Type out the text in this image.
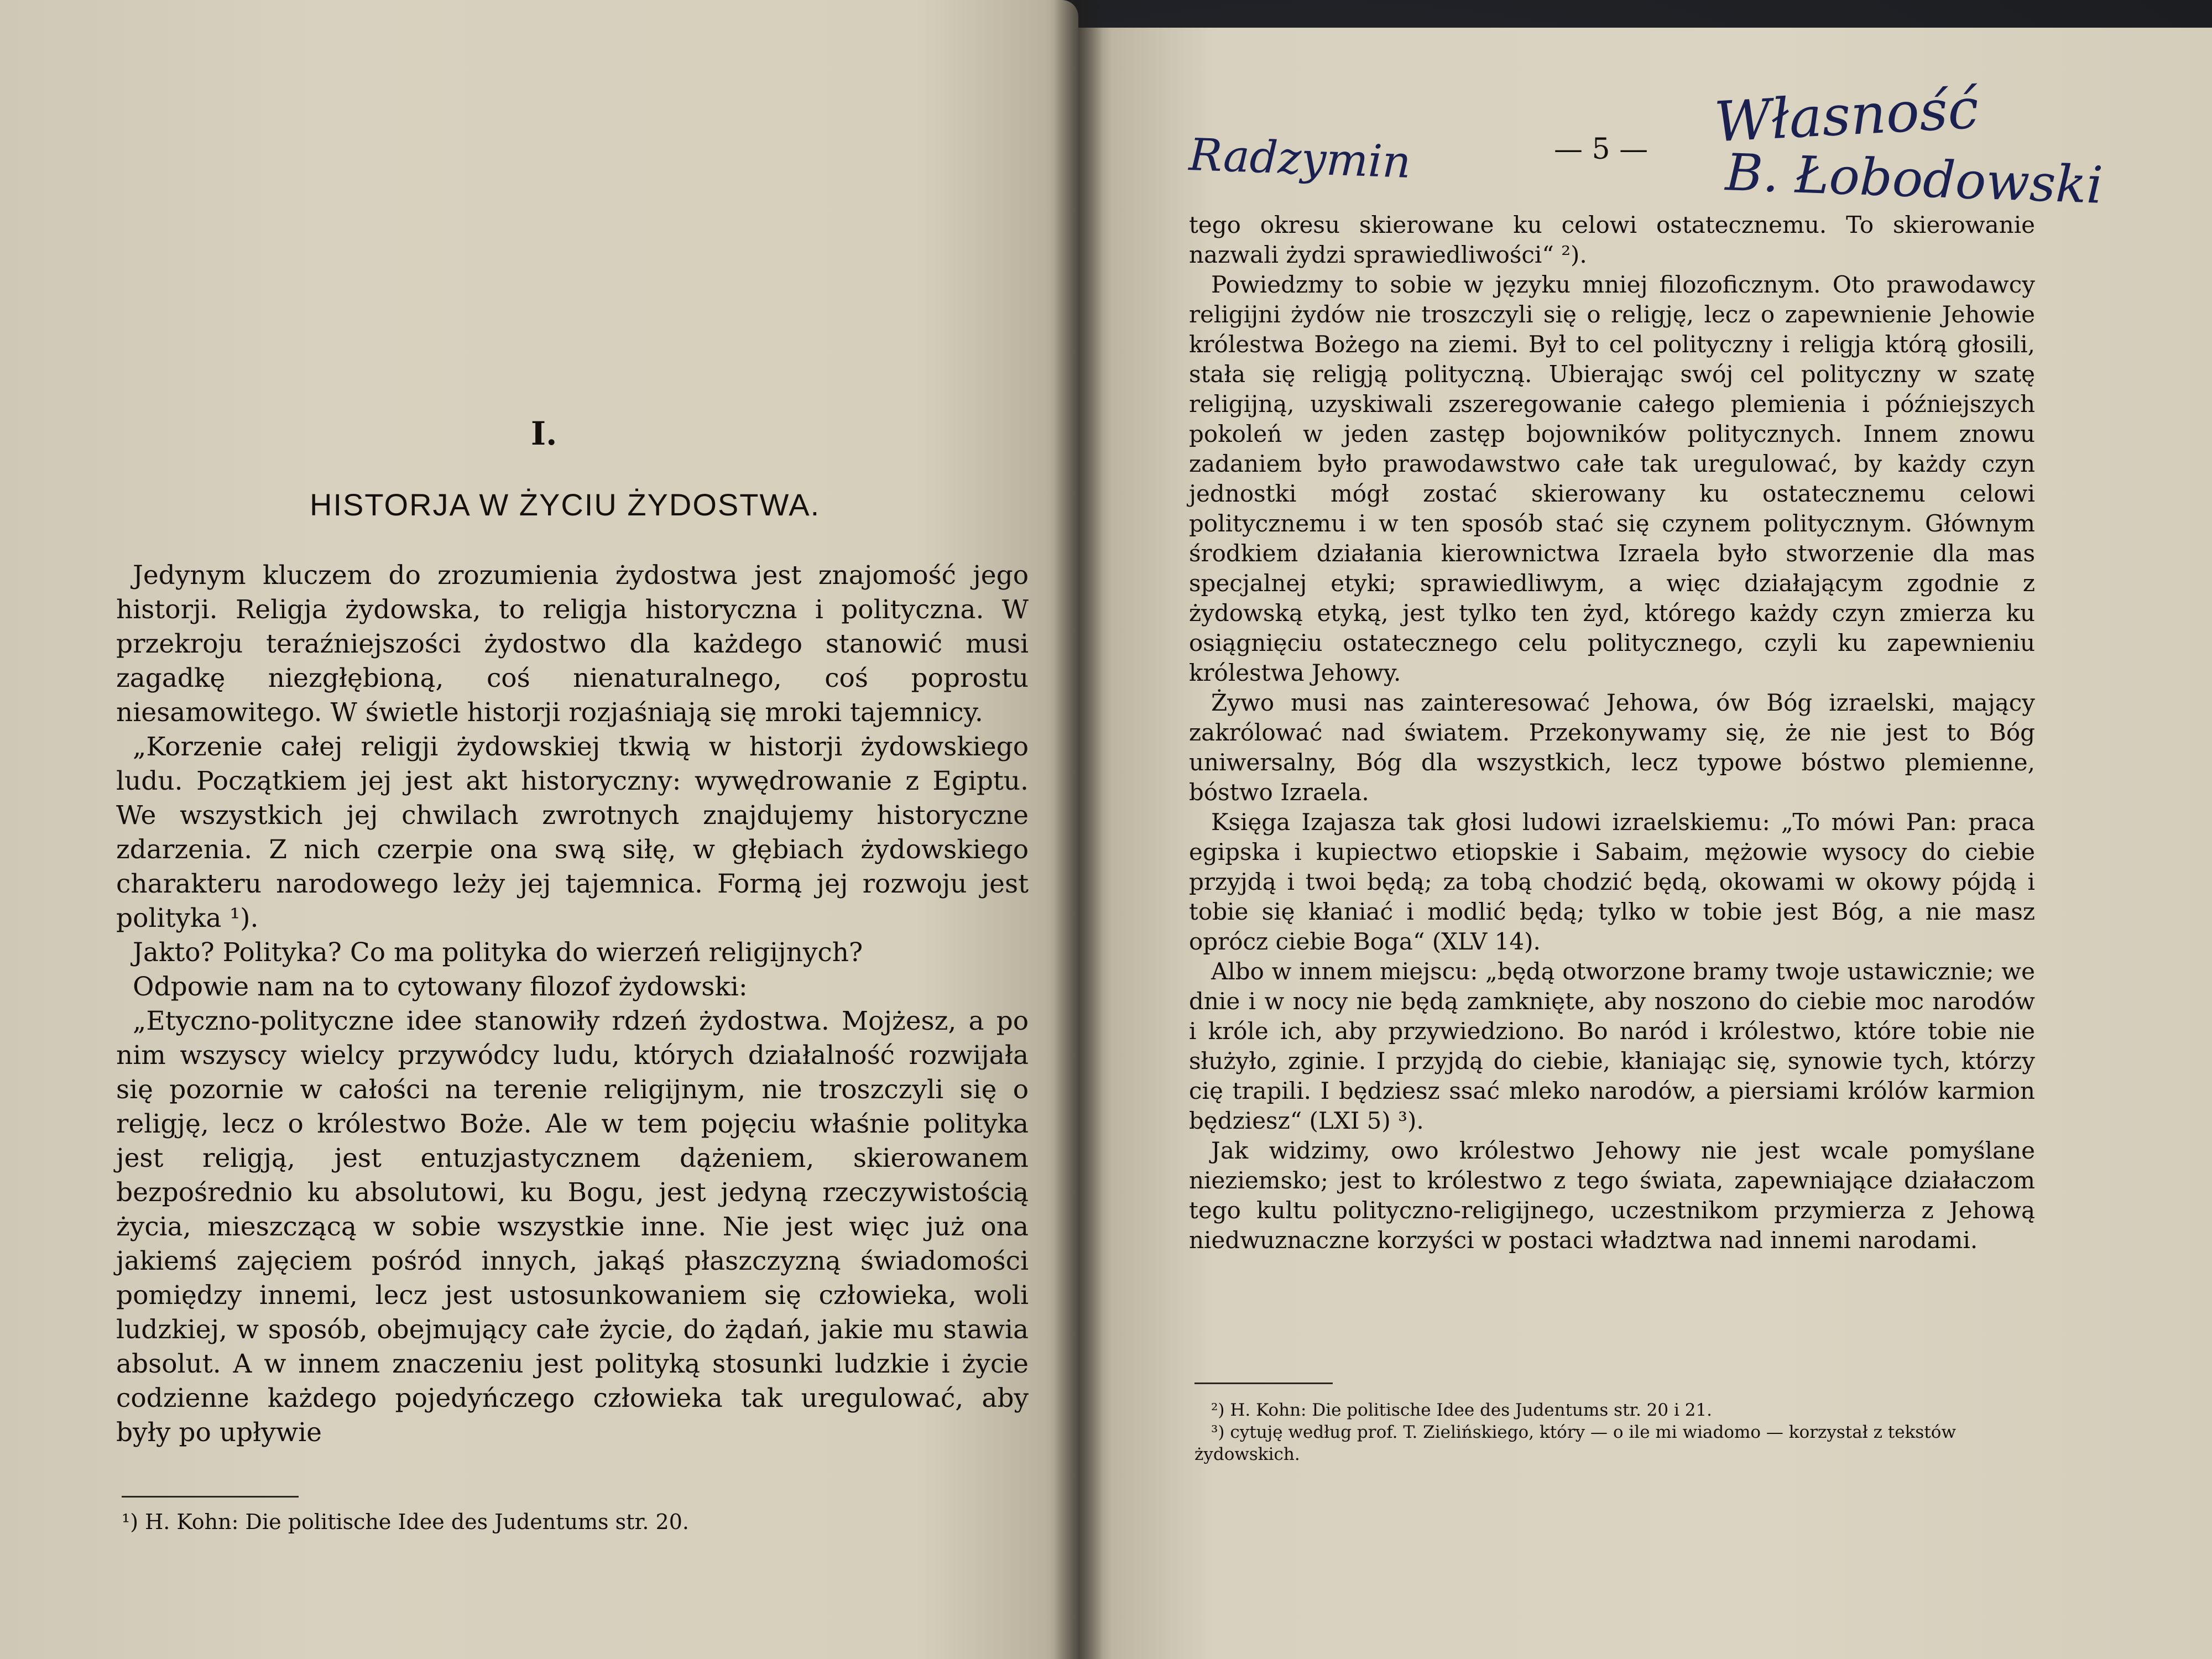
I.
HISTORJA W ŻYCIU ŻYDOSTWA.

Jedynym kluczem do zrozumienia żydostwa jest znajomość jego historji. Religja żydowska, to religja historyczna i polityczna. W przekroju teraźniejszości żydostwo dla każdego stanowić musi zagadkę niezgłębioną, coś nienaturalnego, coś poprostu niesamowitego. W świetle historji rozjaśniają się mroki tajemnicy.

„Korzenie całej religji żydowskiej tkwią w historji żydowskiego ludu. Początkiem jej jest akt historyczny: wywędrowanie z Egiptu. We wszystkich jej chwilach zwrotnych znajdujemy historyczne zdarzenia. Z nich czerpie ona swą siłę, w głębiach żydowskiego charakteru narodowego leży jej tajemnica. Formą jej rozwoju jest polityka ¹).

Jakto? Polityka? Co ma polityka do wierzeń religijnych?

Odpowie nam na to cytowany filozof żydowski:

„Etyczno-polityczne idee stanowiły rdzeń żydostwa. Mojżesz, a po nim wszyscy wielcy przywódcy ludu, których działalność rozwijała się pozornie w całości na terenie religijnym, nie troszczyli się o religję, lecz o królestwo Boże. Ale w tem pojęciu właśnie polityka jest religją, jest entuzjastycznem dążeniem, skierowanem bezpośrednio ku absolutowi, ku Bogu, jest jedyną rzeczywistością życia, mieszczącą w sobie wszystkie inne. Nie jest więc już ona jakiemś zajęciem pośród innych, jakąś płaszczyzną świadomości pomiędzy innemi, lecz jest ustosunkowaniem się człowieka, woli ludzkiej, w sposób, obejmujący całe życie, do żądań, jakie mu stawia absolut. A w innem znaczeniu jest polityką stosunki ludzkie i życie codzienne każdego pojedyńczego człowieka tak uregulować, aby były po upływie

¹) H. Kohn: Die politische Idee des Judentums str. 20.
Radzymin	— 5 — Własność
B. Łobodowski

tego okresu skierowane ku celowi ostatecznemu. To skierowanie nazwali żydzi sprawiedliwości“ ²).

Powiedzmy to sobie w języku mniej filozoficznym. Oto prawodawcy religijni żydów nie troszczyli się o religję, lecz o zapewnienie Jehowie królestwa Bożego na ziemi. Był to cel polityczny i religja którą głosili, stała się religją polityczną. Ubierając swój cel polityczny w szatę religijną, uzyskiwali zszeregowanie całego plemienia i późniejszych pokoleń w jeden zastęp bojowników politycznych. Innem znowu zadaniem było prawodawstwo całe tak uregulować, by każdy czyn jednostki mógł zostać skierowany ku ostatecznemu celowi politycznemu i w ten sposób stać się czynem politycznym. Głównym środkiem działania kierownictwa Izraela było stworzenie dla mas specjalnej etyki; sprawiedliwym, a więc działającym zgodnie z żydowską etyką, jest tylko ten żyd, którego każdy czyn zmierza ku osiągnięciu ostatecznego celu politycznego, czyli ku zapewnieniu królestwa Jehowy.

Żywo musi nas zainteresować Jehowa, ów Bóg izraelski, mający zakrólować nad światem. Przekonywamy się, że nie jest to Bóg uniwersalny, Bóg dla wszystkich, lecz typowe bóstwo plemienne, bóstwo Izraela.

Księga Izajasza tak głosi ludowi izraelskiemu: „To mówi Pan: praca egipska i kupiectwo etiopskie i Sabaim, mężowie wysocy do ciebie przyjdą i twoi będą; za tobą chodzić będą, okowami w okowy pójdą i tobie się kłaniać i modlić będą; tylko w tobie jest Bóg, a nie masz oprócz ciebie Boga“ (XLV 14).

Albo w innem miejscu: „będą otworzone bramy twoje ustawicznie; we dnie i w nocy nie będą zamknięte, aby noszono do ciebie moc narodów i króle ich, aby przywiedziono. Bo naród i królestwo, które tobie nie służyło, zginie. I przyjdą do ciebie, kłaniając się, synowie tych, którzy cię trapili. I będziesz ssać mleko narodów, a piersiami królów karmion będziesz“ (LXI 5) ³).

Jak widzimy, owo królestwo Jehowy nie jest wcale pomyślane nieziemsko; jest to królestwo z tego świata, zapewniające działaczom tego kultu polityczno-religijnego, uczestnikom przymierza z Jehową niedwuznaczne korzyści w postaci władztwa nad innemi narodami.

²) H. Kohn: Die politische Idee des Judentums str. 20 i 21.

³) cytuję według prof. T. Zielińskiego, który — o ile mi wiadomo — korzystał z tekstów żydowskich.
